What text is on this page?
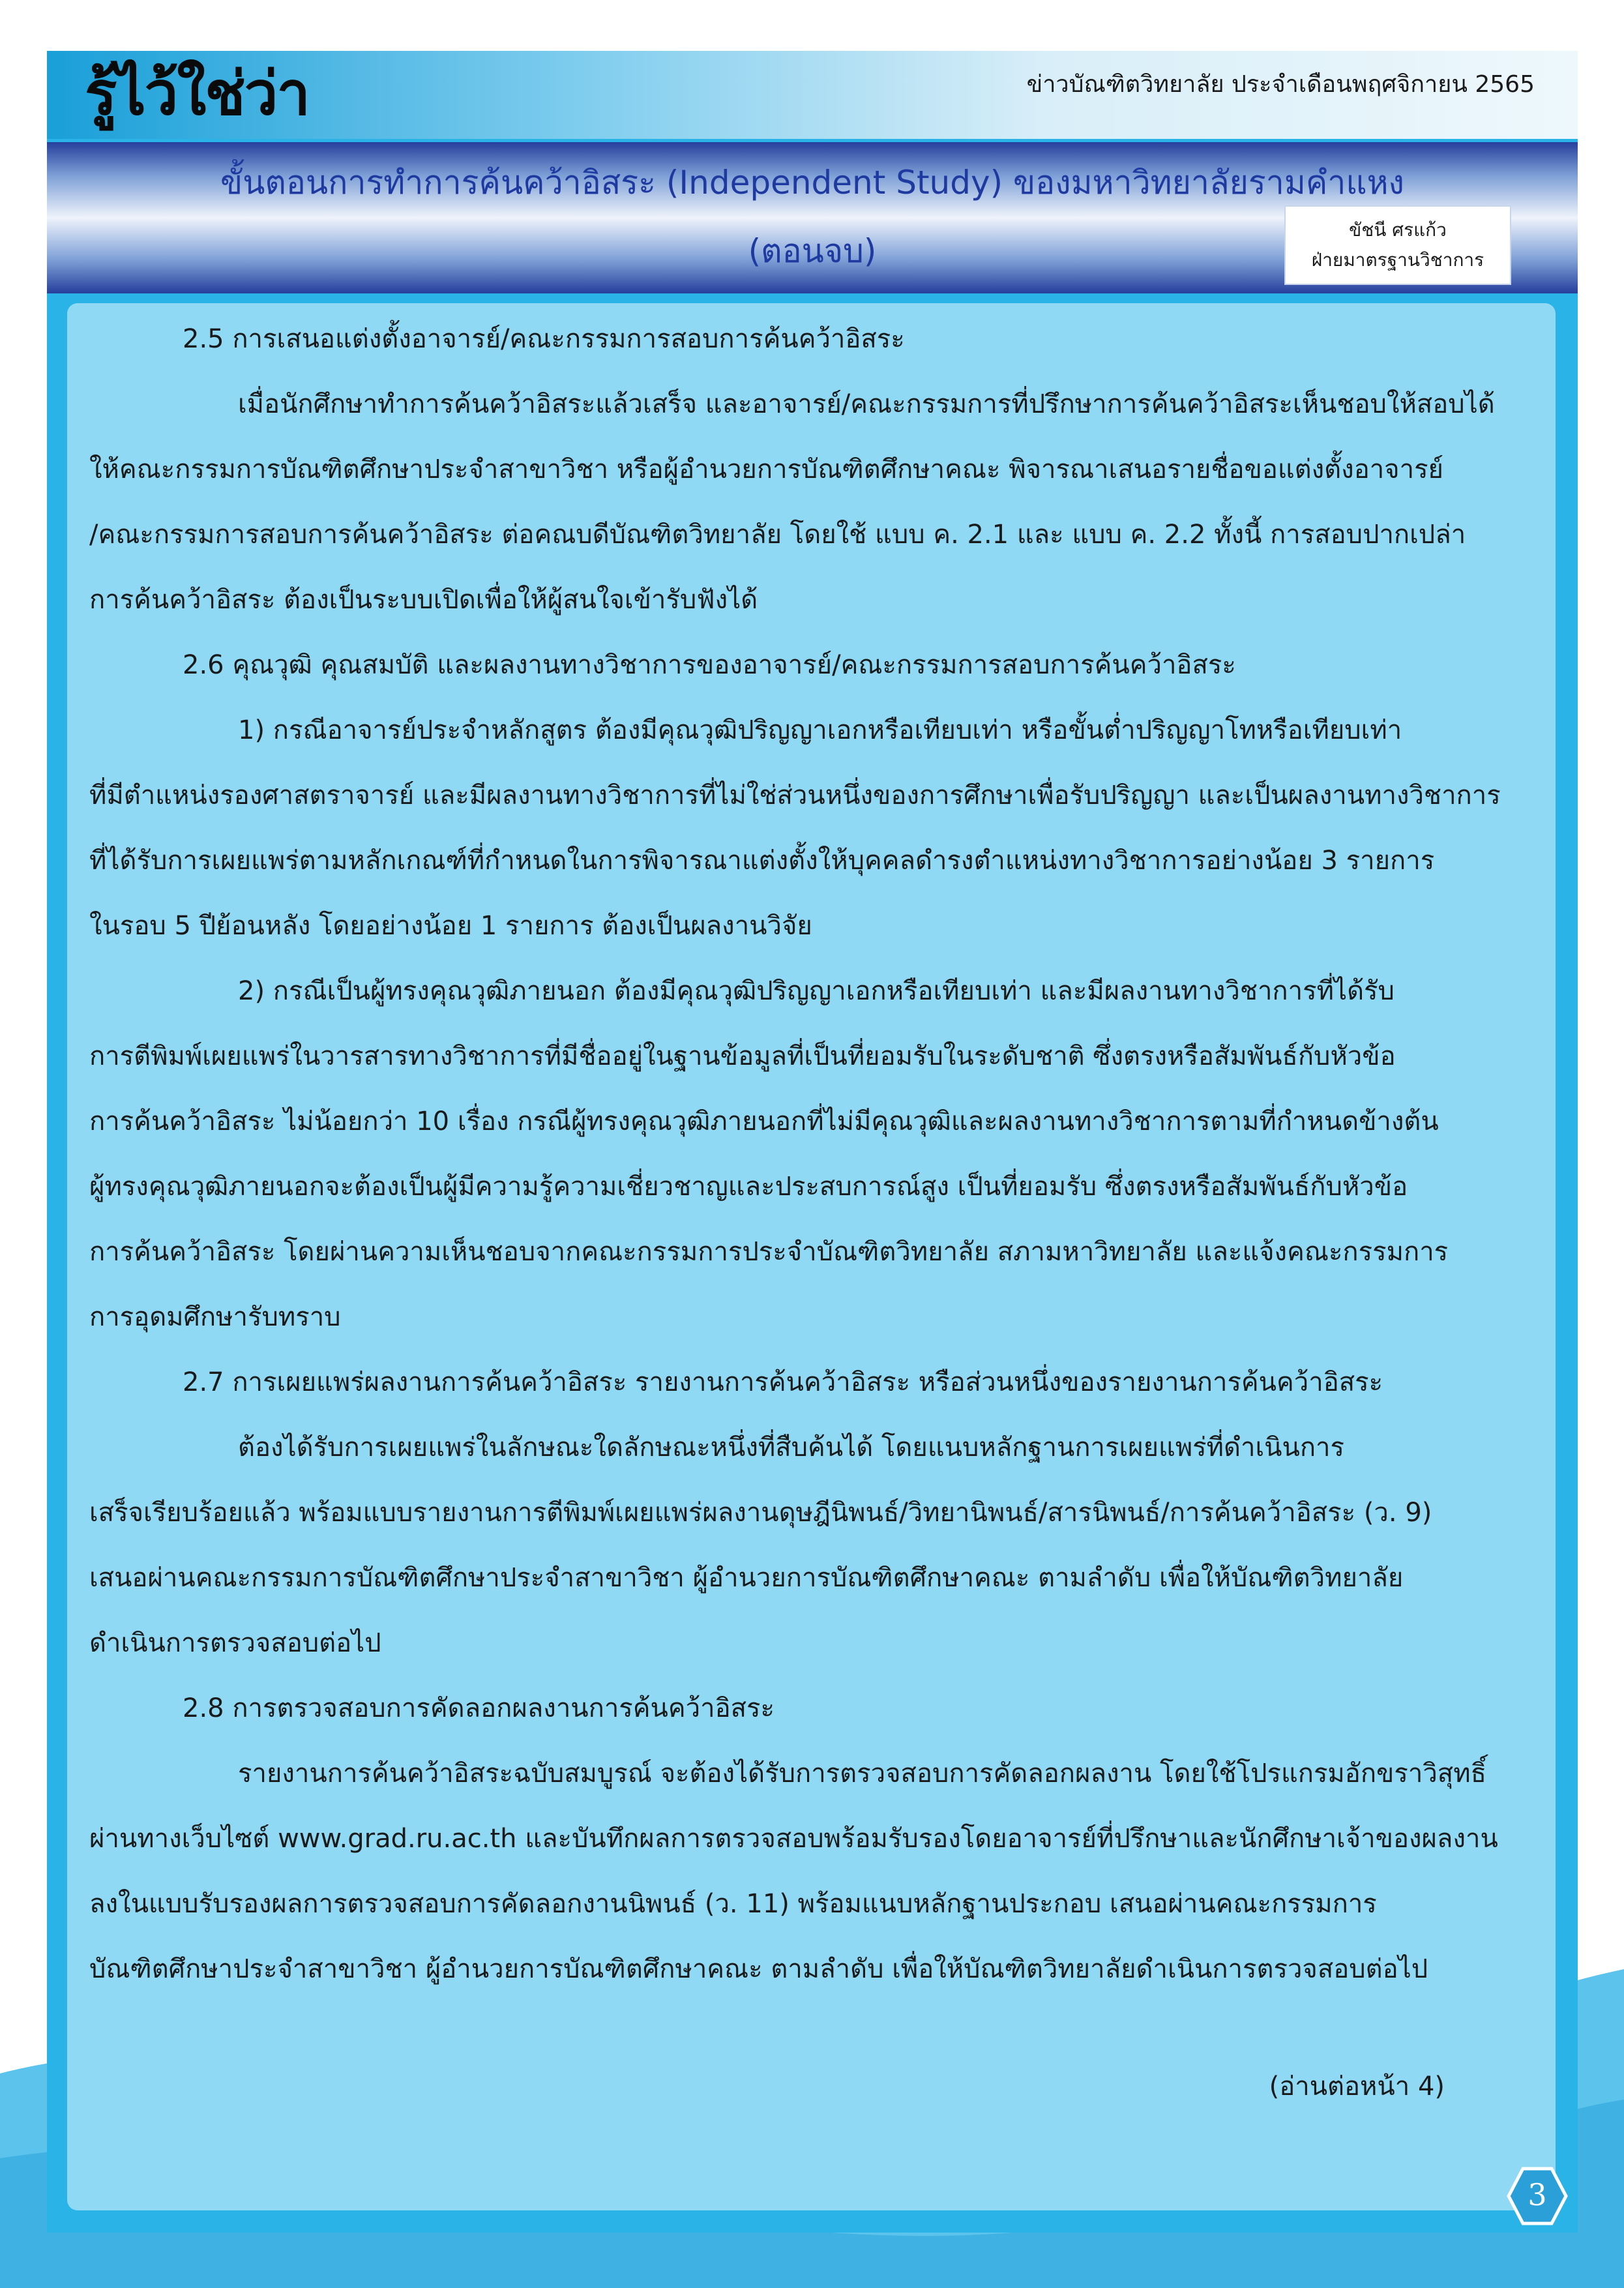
รู้ไว้ใช่ว่า	ข่าวบัณฑิตวิทยาลัย ประจำเดือนพฤศจิกายน 2565
ขั้นตอนการทำการค้นคว้าอิสระ (Independent Study) ของมหาวิทยาลัยรามคำแหง
(ตอนจบ)
ขัชนี ศรแก้ว
ฝ่ายมาตรฐานวิชาการ
2.5 การเสนอแต่งตั้งอาจารย์/คณะกรรมการสอบการค้นคว้าอิสระ
เมื่อนักศึกษาทำการค้นคว้าอิสระแล้วเสร็จ และอาจารย์/คณะกรรมการที่ปรึกษาการค้นคว้าอิสระเห็นชอบให้สอบได้
ให้คณะกรรมการบัณฑิตศึกษาประจำสาขาวิชา หรือผู้อำนวยการบัณฑิตศึกษาคณะ พิจารณาเสนอรายชื่อขอแต่งตั้งอาจารย์
/คณะกรรมการสอบการค้นคว้าอิสระ ต่อคณบดีบัณฑิตวิทยาลัย โดยใช้ แบบ ค. 2.1 และ แบบ ค. 2.2 ทั้งนี้ การสอบปากเปล่า
การค้นคว้าอิสระ ต้องเป็นระบบเปิดเพื่อให้ผู้สนใจเข้ารับฟังได้
2.6 คุณวุฒิ คุณสมบัติ และผลงานทางวิชาการของอาจารย์/คณะกรรมการสอบการค้นคว้าอิสระ
1) กรณีอาจารย์ประจำหลักสูตร ต้องมีคุณวุฒิปริญญาเอกหรือเทียบเท่า หรือขั้นต่ำปริญญาโทหรือเทียบเท่า
ที่มีตำแหน่งรองศาสตราจารย์ และมีผลงานทางวิชาการที่ไม่ใช่ส่วนหนึ่งของการศึกษาเพื่อรับปริญญา และเป็นผลงานทางวิชาการ
ที่ได้รับการเผยแพร่ตามหลักเกณฑ์ที่กำหนดในการพิจารณาแต่งตั้งให้บุคคลดำรงตำแหน่งทางวิชาการอย่างน้อย 3 รายการ
ในรอบ 5 ปีย้อนหลัง โดยอย่างน้อย 1 รายการ ต้องเป็นผลงานวิจัย
2) กรณีเป็นผู้ทรงคุณวุฒิภายนอก ต้องมีคุณวุฒิปริญญาเอกหรือเทียบเท่า และมีผลงานทางวิชาการที่ได้รับ
การตีพิมพ์เผยแพร่ในวารสารทางวิชาการที่มีชื่ออยู่ในฐานข้อมูลที่เป็นที่ยอมรับในระดับชาติ ซึ่งตรงหรือสัมพันธ์กับหัวข้อ
การค้นคว้าอิสระ ไม่น้อยกว่า 10 เรื่อง กรณีผู้ทรงคุณวุฒิภายนอกที่ไม่มีคุณวุฒิและผลงานทางวิชาการตามที่กำหนดข้างต้น
ผู้ทรงคุณวุฒิภายนอกจะต้องเป็นผู้มีความรู้ความเชี่ยวชาญและประสบการณ์สูง เป็นที่ยอมรับ ซึ่งตรงหรือสัมพันธ์กับหัวข้อ
การค้นคว้าอิสระ โดยผ่านความเห็นชอบจากคณะกรรมการประจำบัณฑิตวิทยาลัย สภามหาวิทยาลัย และแจ้งคณะกรรมการ
การอุดมศึกษารับทราบ
2.7 การเผยแพร่ผลงานการค้นคว้าอิสระ รายงานการค้นคว้าอิสระ หรือส่วนหนึ่งของรายงานการค้นคว้าอิสระ
ต้องได้รับการเผยแพร่ในลักษณะใดลักษณะหนึ่งที่สืบค้นได้ โดยแนบหลักฐานการเผยแพร่ที่ดำเนินการ
เสร็จเรียบร้อยแล้ว พร้อมแบบรายงานการตีพิมพ์เผยแพร่ผลงานดุษฎีนิพนธ์/วิทยานิพนธ์/สารนิพนธ์/การค้นคว้าอิสระ (ว. 9)
เสนอผ่านคณะกรรมการบัณฑิตศึกษาประจำสาขาวิชา ผู้อำนวยการบัณฑิตศึกษาคณะ ตามลำดับ เพื่อให้บัณฑิตวิทยาลัย
ดำเนินการตรวจสอบต่อไป
2.8 การตรวจสอบการคัดลอกผลงานการค้นคว้าอิสระ
รายงานการค้นคว้าอิสระฉบับสมบูรณ์ จะต้องได้รับการตรวจสอบการคัดลอกผลงาน โดยใช้โปรแกรมอักขราวิสุทธิ์
ผ่านทางเว็บไซต์ www.grad.ru.ac.th และบันทึกผลการตรวจสอบพร้อมรับรองโดยอาจารย์ที่ปรึกษาและนักศึกษาเจ้าของผลงาน
ลงในแบบรับรองผลการตรวจสอบการคัดลอกงานนิพนธ์ (ว. 11) พร้อมแนบหลักฐานประกอบ เสนอผ่านคณะกรรมการ
บัณฑิตศึกษาประจำสาขาวิชา ผู้อำนวยการบัณฑิตศึกษาคณะ ตามลำดับ เพื่อให้บัณฑิตวิทยาลัยดำเนินการตรวจสอบต่อไป
(อ่านต่อหน้า 4)
3
